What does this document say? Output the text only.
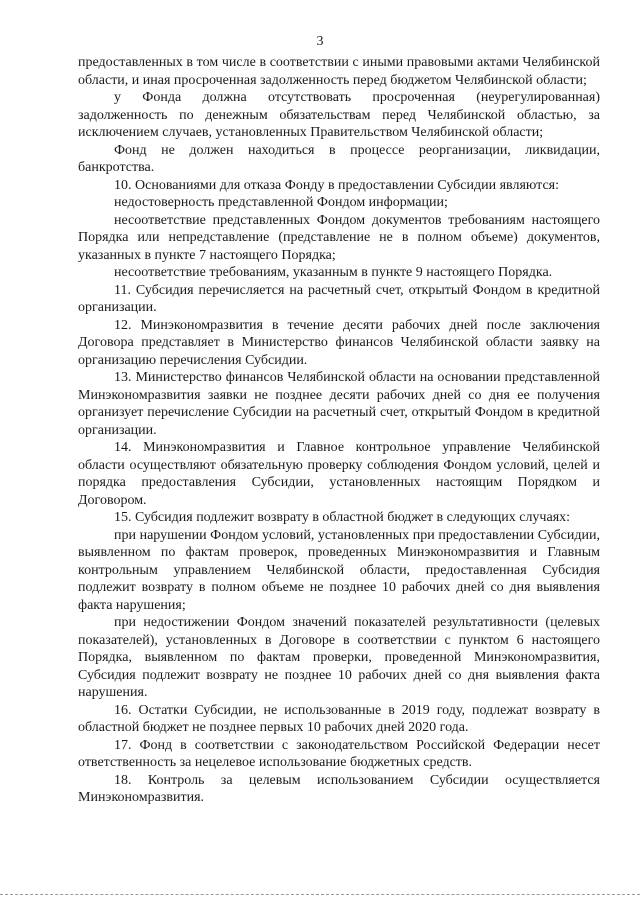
3

предоставленных в том числе в соответствии с иными правовыми актами Челябинской области, и иная просроченная задолженность перед бюджетом Челябинской области;

у Фонда должна отсутствовать просроченная (неурегулированная) задолженность по денежным обязательствам перед Челябинской областью, за исключением случаев, установленных Правительством Челябинской области;

Фонд не должен находиться в процессе реорганизации, ликвидации, банкротства.

10. Основаниями для отказа Фонду в предоставлении Субсидии являются:

недостоверность представленной Фондом информации;

несоответствие представленных Фондом документов требованиям настоящего Порядка или непредставление (представление не в полном объеме) документов, указанных в пункте 7 настоящего Порядка;

несоответствие требованиям, указанным в пункте 9 настоящего Порядка.

11. Субсидия перечисляется на расчетный счет, открытый Фондом в кредитной организации.

12. Минэкономразвития в течение десяти рабочих дней после заключения Договора представляет в Министерство финансов Челябинской области заявку на организацию перечисления Субсидии.

13. Министерство финансов Челябинской области на основании представленной Минэкономразвития заявки не позднее десяти рабочих дней со дня ее получения организует перечисление Субсидии на расчетный счет, открытый Фондом в кредитной организации.

14. Минэкономразвития и Главное контрольное управление Челябинской области осуществляют обязательную проверку соблюдения Фондом условий, целей и порядка предоставления Субсидии, установленных настоящим Порядком и Договором.

15. Субсидия подлежит возврату в областной бюджет в следующих случаях:

при нарушении Фондом условий, установленных при предоставлении Субсидии, выявленном по фактам проверок, проведенных Минэкономразвития и Главным контрольным управлением Челябинской области, предоставленная Субсидия подлежит возврату в полном объеме не позднее 10 рабочих дней со дня выявления факта нарушения;

при недостижении Фондом значений показателей результативности (целевых показателей), установленных в Договоре в соответствии с пунктом 6 настоящего Порядка, выявленном по фактам проверки, проведенной Минэкономразвития, Субсидия подлежит возврату не позднее 10 рабочих дней со дня выявления факта нарушения.

16. Остатки Субсидии, не использованные в 2019 году, подлежат возврату в областной бюджет не позднее первых 10 рабочих дней 2020 года.

17. Фонд в соответствии с законодательством Российской Федерации несет ответственность за нецелевое использование бюджетных средств.

18. Контроль за целевым использованием Субсидии осуществляется Минэкономразвития.
